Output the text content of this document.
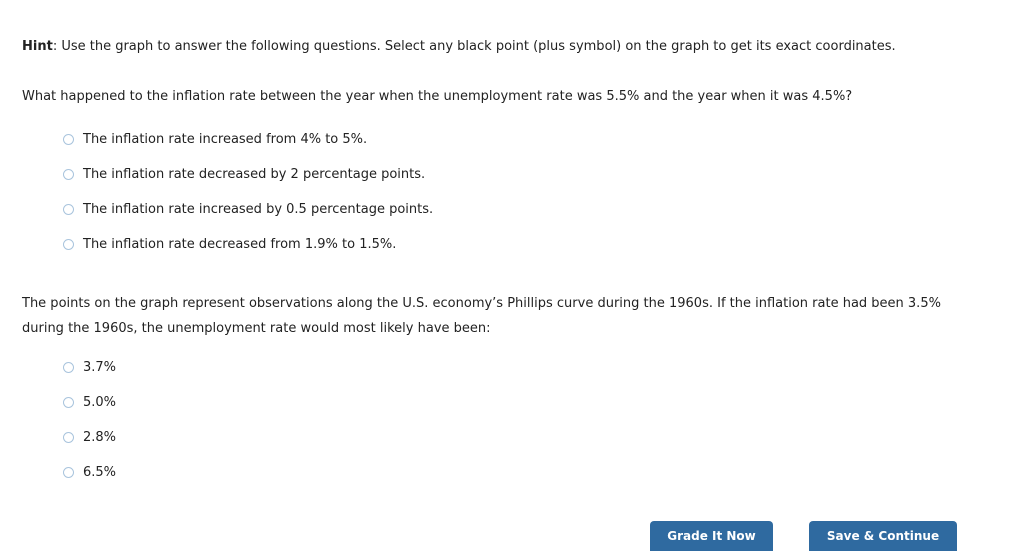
Hint: Use the graph to answer the following questions. Select any black point (plus symbol) on the graph to get its exact coordinates.
What happened to the inflation rate between the year when the unemployment rate was 5.5% and the year when it was 4.5%?
The inflation rate increased from 4% to 5%.
The inflation rate decreased by 2 percentage points.
The inflation rate increased by 0.5 percentage points.
The inflation rate decreased from 1.9% to 1.5%.
The points on the graph represent observations along the U.S. economy’s Phillips curve during the 1960s. If the inflation rate had been 3.5% during the 1960s, the unemployment rate would most likely have been:
3.7%
5.0%
2.8%
6.5%
Grade It Now	Save & Continue
